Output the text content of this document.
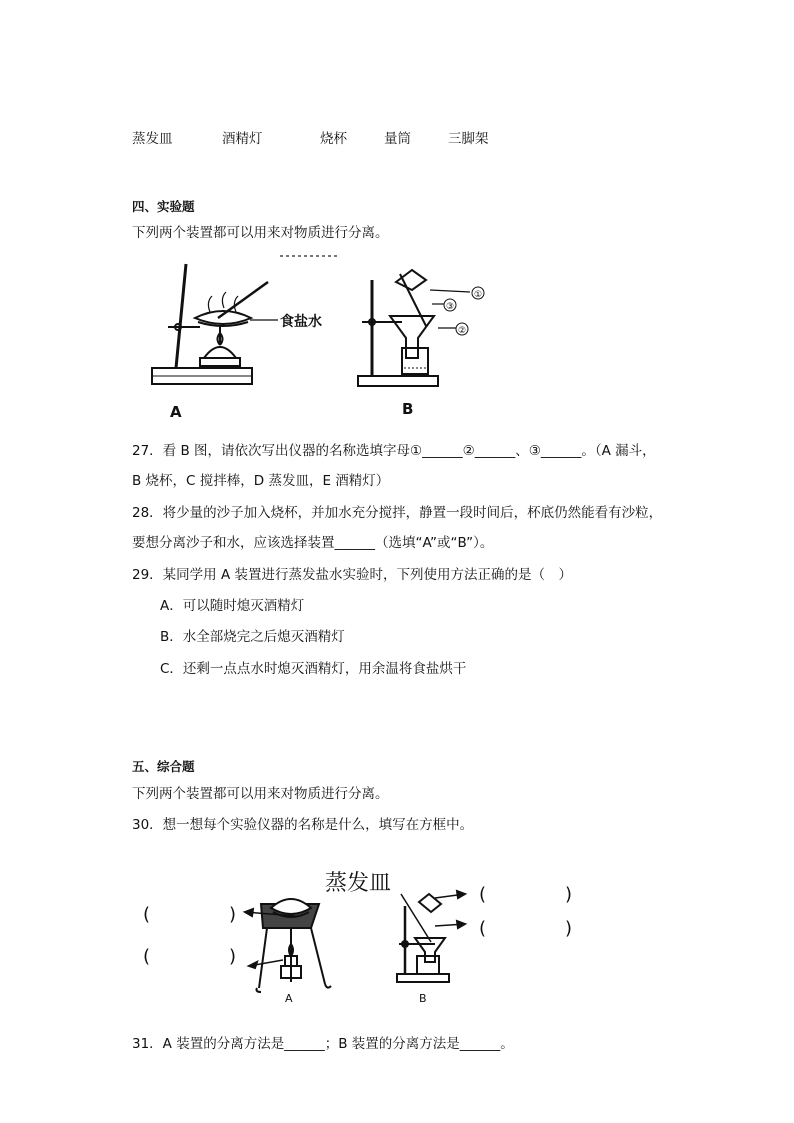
蒸发皿	酒精灯	烧杯	量筒	三脚架
四、实验题
下列两个装置都可以用来对物质进行分离。
食盐水
A
①
③
②
B
27．看 B 图，请依次写出仪器的名称选填字母①______②______、③______。（A 漏斗，
B 烧杯，C 搅拌棒，D 蒸发皿，E 酒精灯）
28．将少量的沙子加入烧杯，并加水充分搅拌，静置一段时间后，杯底仍然能看有沙粒，
要想分离沙子和水，应该选择装置______（选填“A”或“B”）。
29．某同学用 A 装置进行蒸发盐水实验时，下列使用方法正确的是（　）
A．可以随时熄灭酒精灯
B．水全部烧完之后熄灭酒精灯
C．还剩一点点水时熄灭酒精灯，用余温将食盐烘干
五、综合题
下列两个装置都可以用来对物质进行分离。
30．想一想每个实验仪器的名称是什么，填写在方框中。
蒸发皿
(	)
(	)
A	B
(	)
(	)
31．A 装置的分离方法是______；B 装置的分离方法是______。
